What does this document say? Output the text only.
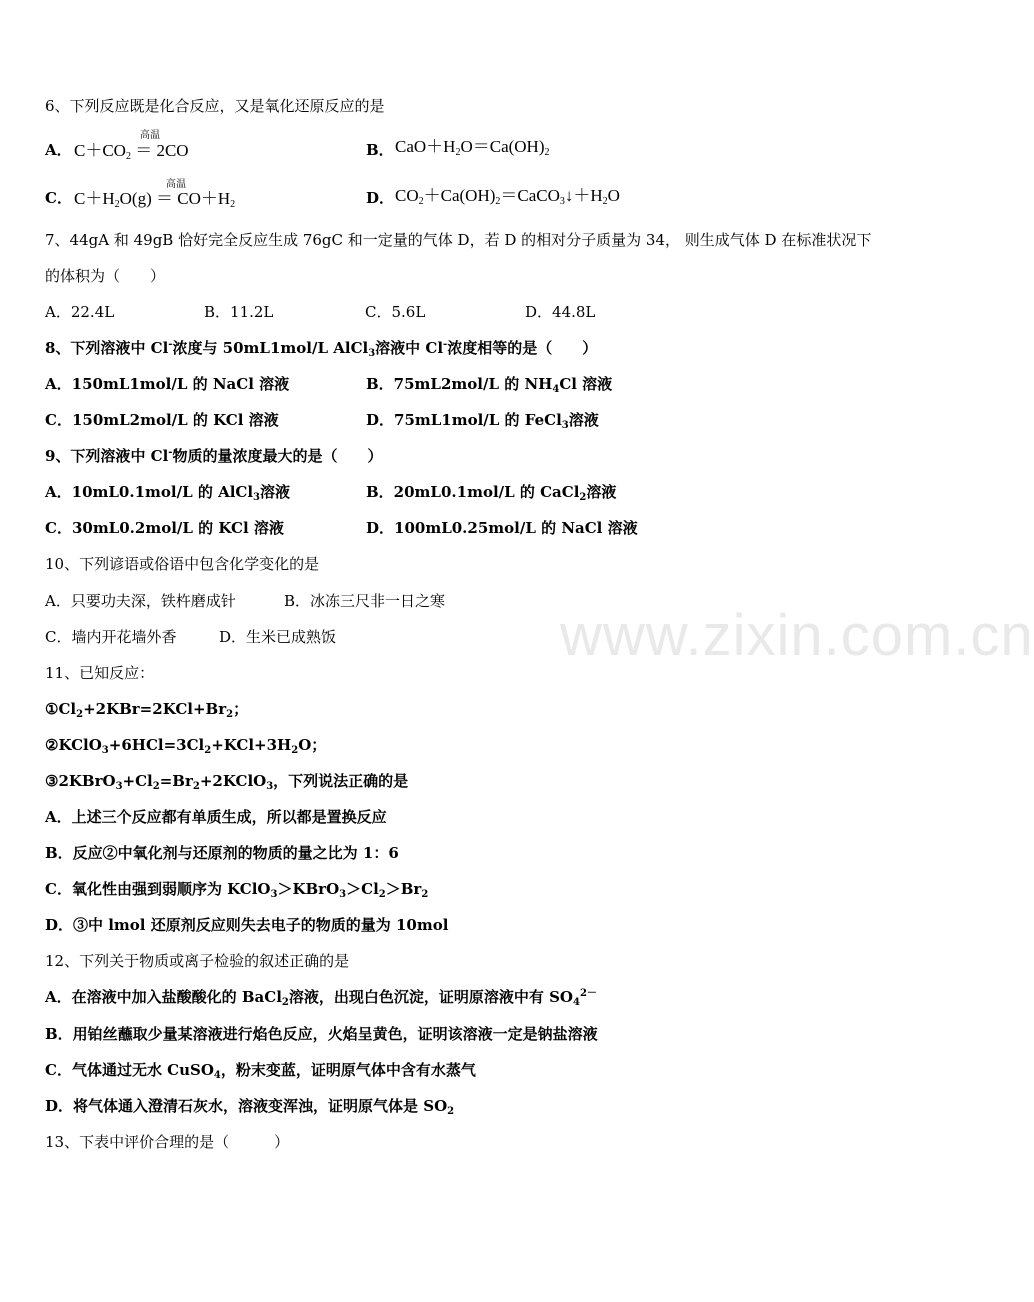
www.zixin.com.cn
6、下列反应既是化合反应，又是氧化还原反应的是
A．
高温
$C+CO_2 = 2CO$	B． $CaO+H_2O=Ca(OH)_2$
C．
高温
$C+H_2O(g) = CO+H_2$	D． $CO_2+Ca(OH)_2=CaCO_3↓+H_2O$
7、44gA 和 49gB 恰好完全反应生成 76gC 和一定量的气体 D，若 D 的相对分子质量为 34， 则生成气体 D 在标准状况下
的体积为（　　）
A．22.4L	B．11.2L	C．5.6L	D．44.8L
8、下列溶液中 Cl-浓度与 50mL1mol/L AlCl$_3$溶液中 Cl-浓度相等的是（　　）
A．150mL1mol/L 的 NaCl 溶液	B．75mL2mol/L 的 $NH_4Cl$ 溶液
C．150mL2mol/L 的 KCl 溶液	D．75mL1mol/L 的 FeCl$_3$溶液
9、下列溶液中 Cl-物质的量浓度最大的是（　　）
A．10mL0.1mol/L 的 AlCl$_3$溶液	B．20mL0.1mol/L 的 CaCl$_2$溶液
C．30mL0.2mol/L 的 KCl 溶液	D．100mL0.25mol/L 的 NaCl 溶液
10、下列谚语或俗语中包含化学变化的是
A．只要功夫深，铁杵磨成针	B．冰冻三尺非一日之寒
C．墙内开花墙外香	D．生米已成熟饭
11、已知反应：
$①Cl_2+2KBr=2KCl+Br_2$；
$②KClO_3+6HCl=3Cl_2+KCl+3H_2O$；
$③2KBrO_3+Cl_2=Br_2+2KClO_3$，下列说法正确的是
A．上述三个反应都有单质生成，所以都是置换反应
B．反应②中氧化剂与还原剂的物质的量之比为 1：6
C．氧化性由强到弱顺序为 $KClO_3>KBrO_3>Cl_2>Br_2$
D．③中 lmol 还原剂反应则失去电子的物质的量为 10mol
12、下列关于物质或离子检验的叙述正确的是
A．在溶液中加入盐酸酸化的 BaCl$_2$溶液，出现白色沉淀，证明原溶液中有 $SO_4^{2-}$
B．用铂丝蘸取少量某溶液进行焰色反应，火焰呈黄色，证明该溶液一定是钠盐溶液
C．气体通过无水 CuSO$_4$，粉末变蓝，证明原气体中含有水蒸气
D．将气体通入澄清石灰水，溶液变浑浊，证明原气体是 $SO_2$
13、下表中评价合理的是（　　　）
